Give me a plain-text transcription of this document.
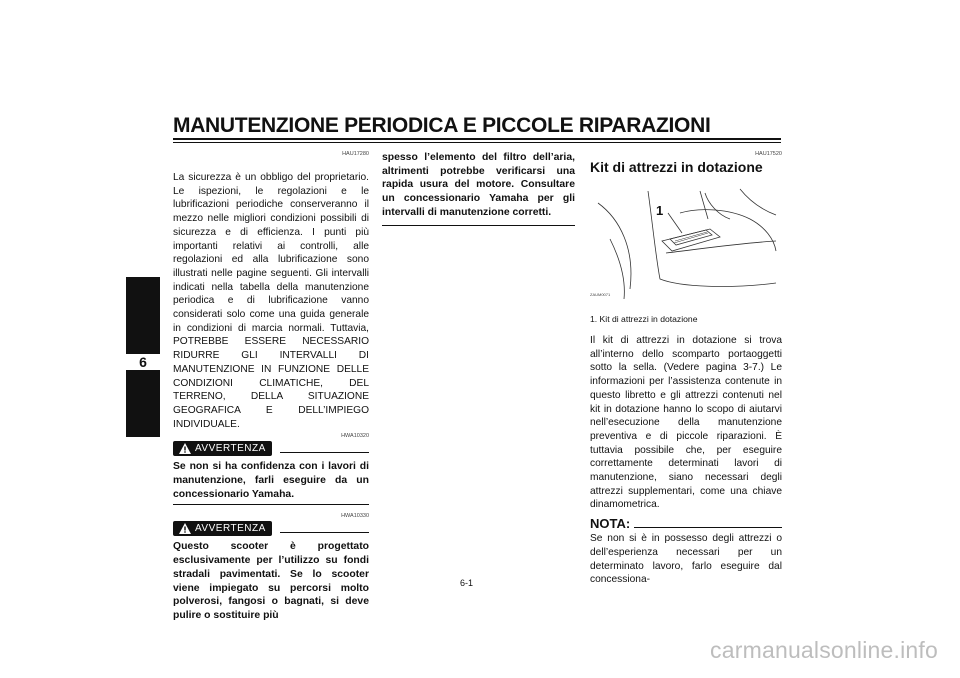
MANUTENZIONE PERIODICA E PICCOLE RIPARAZIONI
6
HAU17280
La sicurezza è un obbligo del proprietario. Le ispezioni, le regolazioni e le lubrificazioni periodiche conserveranno il mezzo nelle migliori condizioni possibili di sicurezza e di efficienza. I punti più importanti relativi ai controlli, alle regolazioni ed alla lubrificazione sono illustrati nelle pagine seguenti. Gli intervalli indicati nella tabella della manutenzione periodica e di lubrificazione vanno considerati solo come una guida generale in condizioni di marcia normali. Tuttavia, POTREBBE ESSERE NECESSARIO RIDURRE GLI INTERVALLI DI MANUTENZIONE IN FUNZIONE DELLE CONDIZIONI CLIMATICHE, DEL TERRENO, DELLA SITUAZIONE GEOGRAFICA E DELL’IMPIEGO INDIVIDUALE.
HWA10320
AVVERTENZA
Se non si ha confidenza con i lavori di manutenzione, farli eseguire da un concessionario Yamaha.
HWA10330
AVVERTENZA
Questo scooter è progettato esclusivamente per l’utilizzo su fondi stradali pavimentati. Se lo scooter viene impiegato su percorsi molto polverosi, fangosi o bagnati, si deve pulire o sostituire più
spesso l’elemento del filtro dell’aria, altrimenti potrebbe verificarsi una rapida usura del motore. Consultare un concessionario Yamaha per gli intervalli di manutenzione corretti.
HAU17520
Kit di attrezzi in dotazione
1
ZAUM0071
1. Kit di attrezzi in dotazione
Il kit di attrezzi in dotazione si trova all’interno dello scomparto portaoggetti sotto la sella. (Vedere pagina 3-7.) Le informazioni per l’assistenza contenute in questo libretto e gli attrezzi contenuti nel kit in dotazione hanno lo scopo di aiutarvi nell’esecuzione della manutenzione preventiva e di piccole riparazioni. È tuttavia possibile che, per eseguire correttamente determinati lavori di manutenzione, siano necessari degli attrezzi supplementari, come una chiave dinamometrica.
NOTA:
Se non si è in possesso degli attrezzi o dell’esperienza necessari per un determinato lavoro, farlo eseguire dal concessiona-
6-1
carmanualsonline.info
